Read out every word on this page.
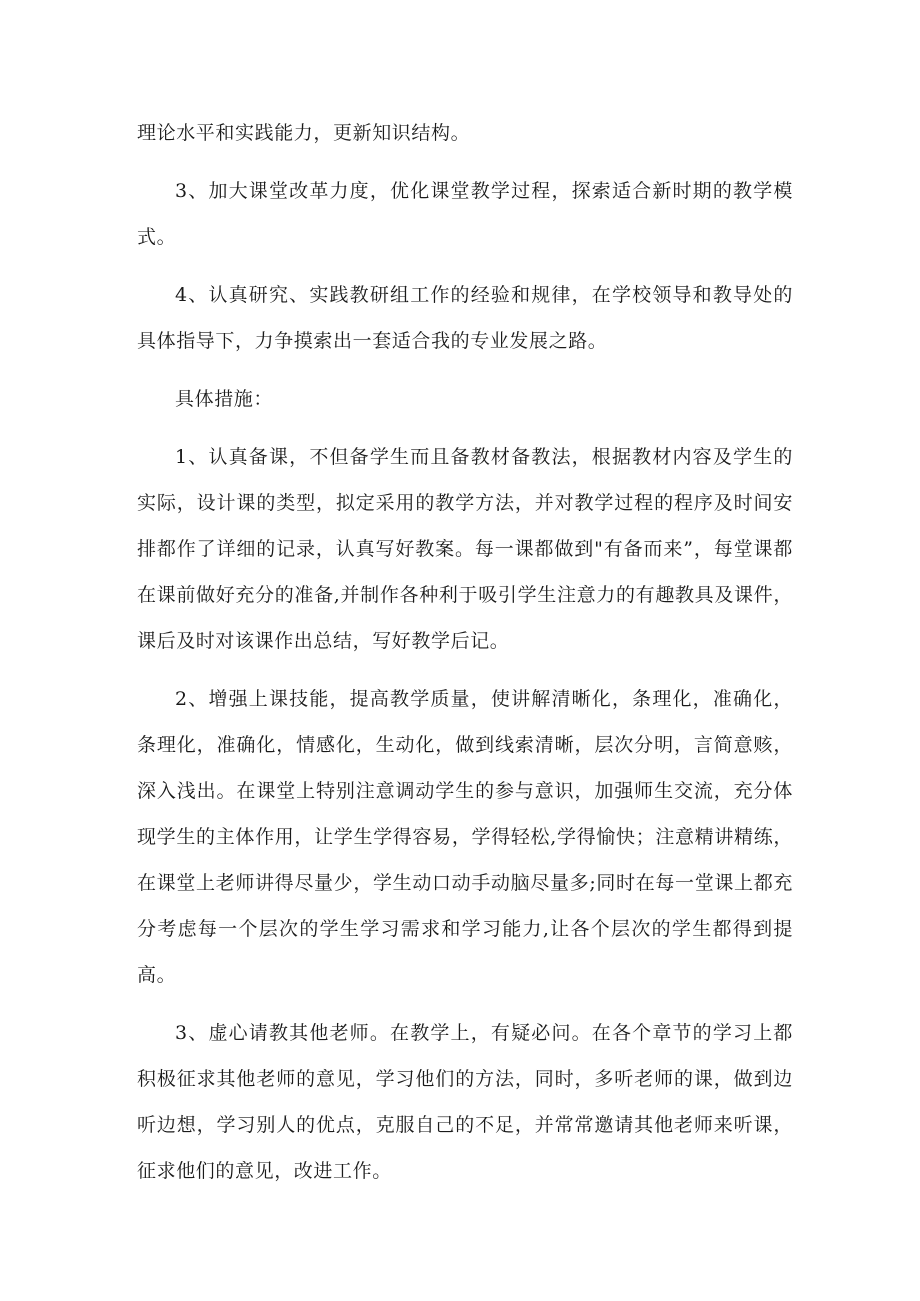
理论水平和实践能力，更新知识结构。

3、加大课堂改革力度，优化课堂教学过程，探索适合新时期的教学模式。

4、认真研究、实践教研组工作的经验和规律，在学校领导和教导处的具体指导下，力争摸索出一套适合我的专业发展之路。

具体措施：

1、认真备课，不但备学生而且备教材备教法，根据教材内容及学生的实际，设计课的类型，拟定采用的教学方法，并对教学过程的程序及时间安排都作了详细的记录，认真写好教案。每一课都做到"有备而来”，每堂课都在课前做好充分的准备,并制作各种利于吸引学生注意力的有趣教具及课件，课后及时对该课作出总结，写好教学后记。

2、增强上课技能，提高教学质量，使讲解清晰化，条理化，准确化，条理化，准确化，情感化，生动化，做到线索清晰，层次分明，言简意赅，深入浅出。在课堂上特别注意调动学生的参与意识，加强师生交流，充分体现学生的主体作用，让学生学得容易，学得轻松,学得愉快；注意精讲精练，在课堂上老师讲得尽量少，学生动口动手动脑尽量多;同时在每一堂课上都充分考虑每一个层次的学生学习需求和学习能力,让各个层次的学生都得到提高。

3、虚心请教其他老师。在教学上，有疑必问。在各个章节的学习上都积极征求其他老师的意见，学习他们的方法，同时，多听老师的课，做到边听边想，学习别人的优点，克服自己的不足，并常常邀请其他老师来听课，征求他们的意见，改进工作。
